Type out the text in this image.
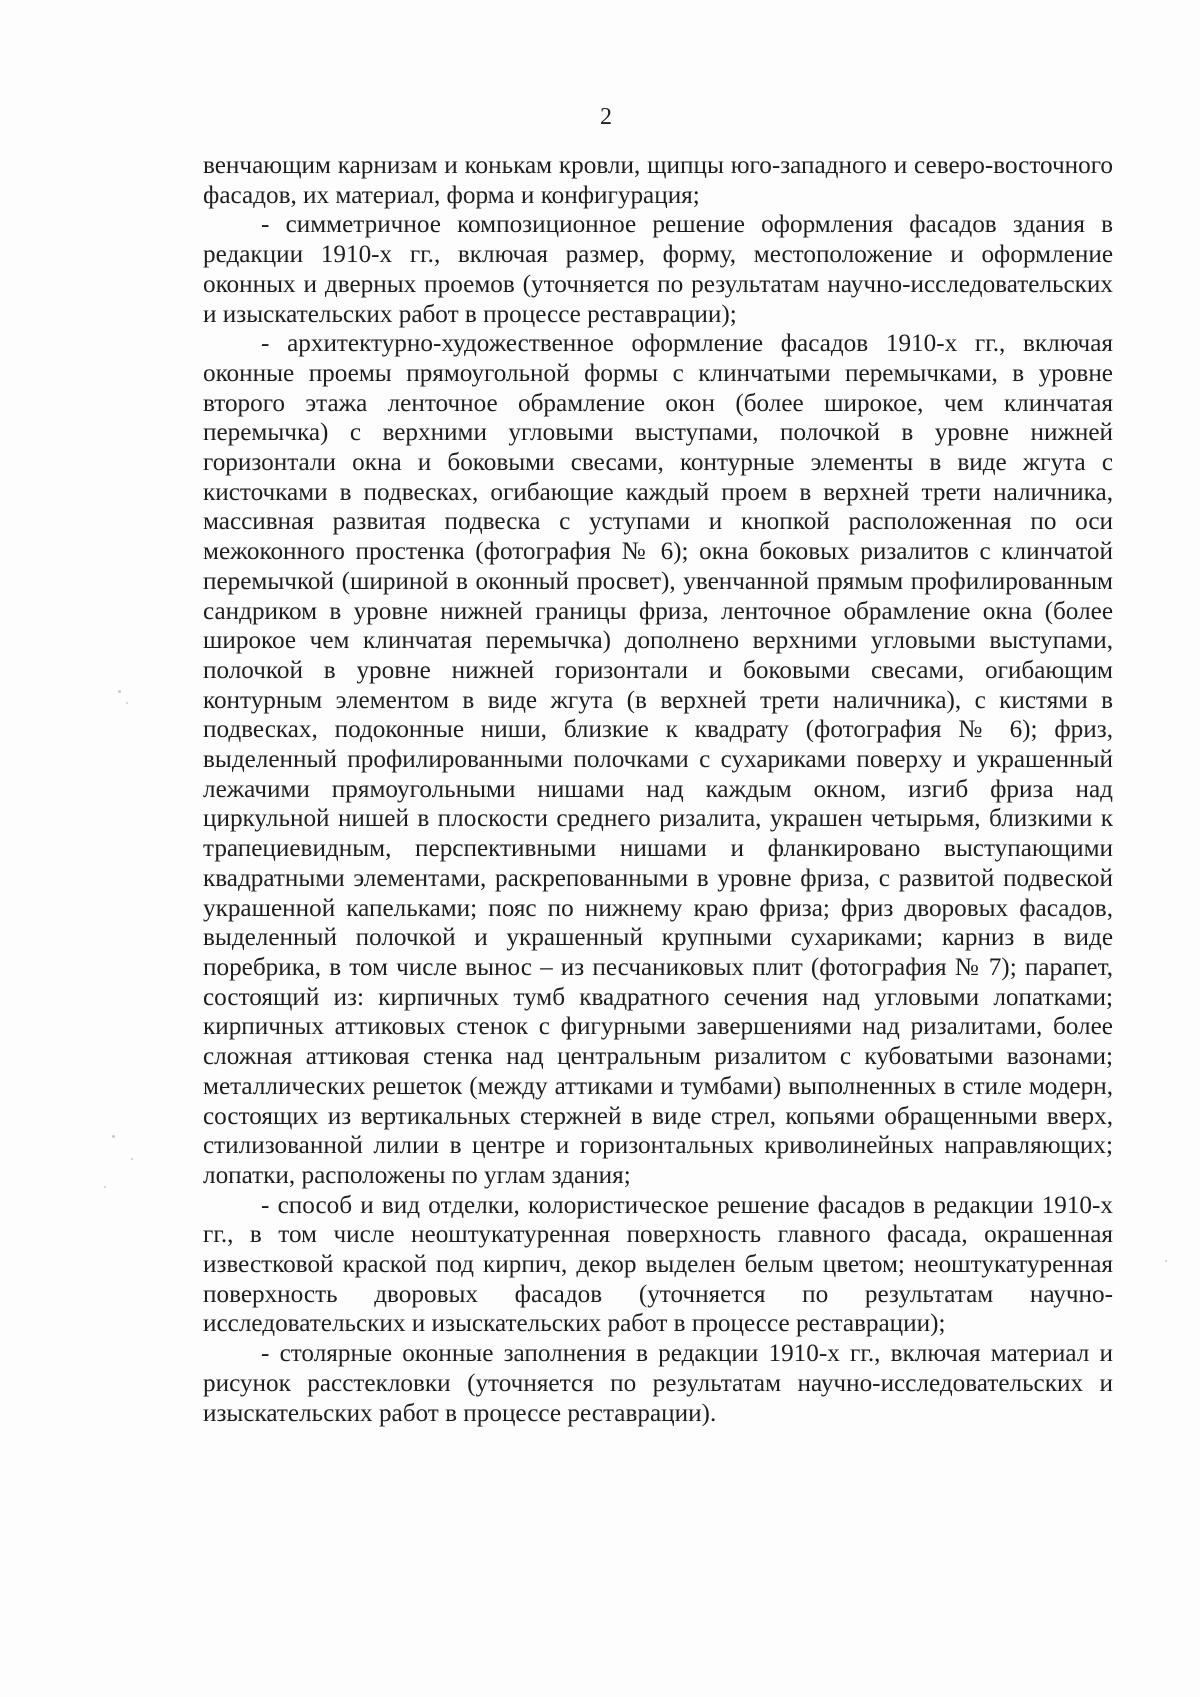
2

венчающим карнизам и конькам кровли, щипцы юго-западного и северо-восточного фасадов, их материал, форма и конфигурация;

- симметричное композиционное решение оформления фасадов здания в редакции 1910-х гг., включая размер, форму, местоположение и оформление оконных и дверных проемов (уточняется по результатам научно-исследовательских и изыскательских работ в процессе реставрации);

- архитектурно-художественное оформление фасадов 1910-х гг., включая оконные проемы прямоугольной формы с клинчатыми перемычками, в уровне второго этажа ленточное обрамление окон (более широкое, чем клинчатая перемычка) с верхними угловыми выступами, полочкой в уровне нижней горизонтали окна и боковыми свесами, контурные элементы в виде жгута с кисточками в подвесках, огибающие каждый проем в верхней трети наличника, массивная развитая подвеска с уступами и кнопкой расположенная по оси межоконного простенка (фотография № 6); окна боковых ризалитов с клинчатой перемычкой (шириной в оконный просвет), увенчанной прямым профилированным сандриком в уровне нижней границы фриза, ленточное обрамление окна (более широкое чем клинчатая перемычка) дополнено верхними угловыми выступами, полочкой в уровне нижней горизонтали и боковыми свесами, огибающим контурным элементом в виде жгута (в верхней трети наличника), с кистями в подвесках, подоконные ниши, близкие к квадрату (фотография № 6); фриз, выделенный профилированными полочками с сухариками поверху и украшенный лежачими прямоугольными нишами над каждым окном, изгиб фриза над циркульной нишей в плоскости среднего ризалита, украшен четырьмя, близкими к трапециевидным, перспективными нишами и фланкировано выступающими квадратными элементами, раскрепованными в уровне фриза, с развитой подвеской украшенной капельками; пояс по нижнему краю фриза; фриз дворовых фасадов, выделенный полочкой и украшенный крупными сухариками; карниз в виде поребрика, в том числе вынос – из песчаниковых плит (фотография № 7); парапет, состоящий из: кирпичных тумб квадратного сечения над угловыми лопатками; кирпичных аттиковых стенок с фигурными завершениями над ризалитами, более сложная аттиковая стенка над центральным ризалитом с кубоватыми вазонами; металлических решеток (между аттиками и тумбами) выполненных в стиле модерн, состоящих из вертикальных стержней в виде стрел, копьями обращенными вверх, стилизованной лилии в центре и горизонтальных криволинейных направляющих; лопатки, расположены по углам здания;

- способ и вид отделки, колористическое решение фасадов в редакции 1910-х гг., в том числе неоштукатуренная поверхность главного фасада, окрашенная известковой краской под кирпич, декор выделен белым цветом; неоштукатуренная поверхность дворовых фасадов (уточняется по результатам научно-исследовательских и изыскательских работ в процессе реставрации);

- столярные оконные заполнения в редакции 1910-х гг., включая материал и рисунок расстекловки (уточняется по результатам научно-исследовательских и изыскательских работ в процессе реставрации).
